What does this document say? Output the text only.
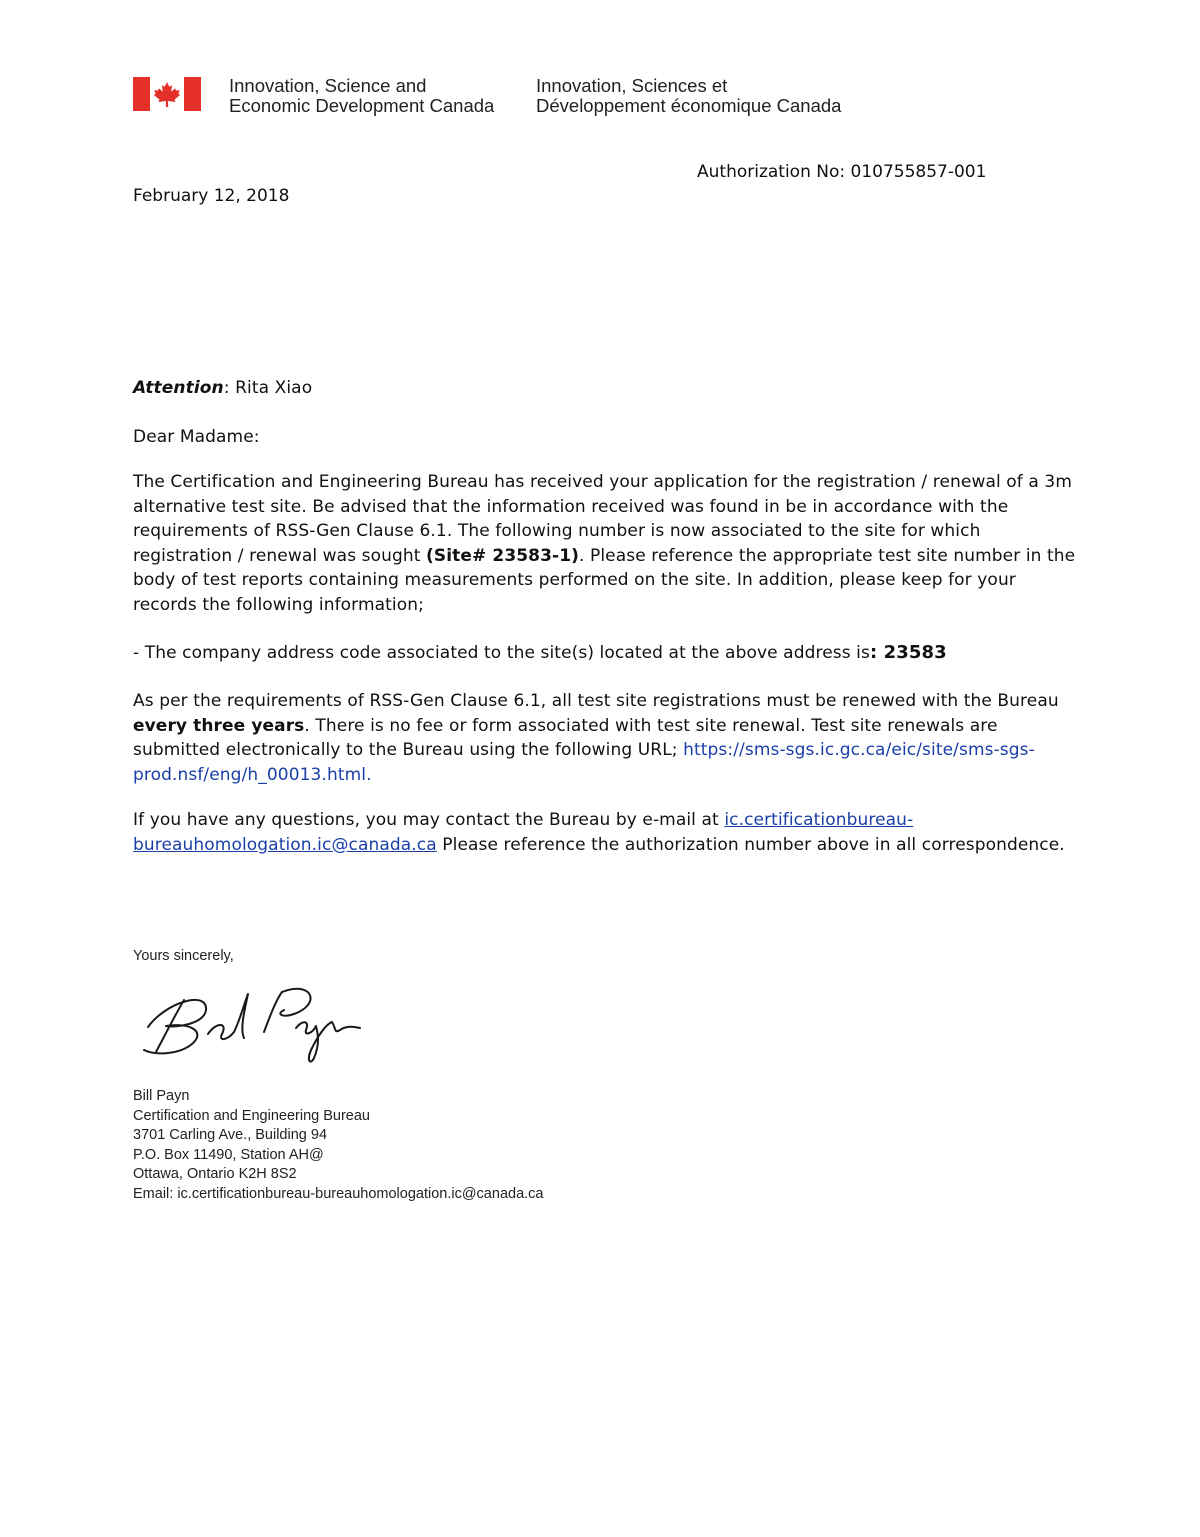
Innovation, Science and
Economic Development Canada
Innovation, Sciences et
Développement économique Canada
Authorization No: 010755857-001
February 12, 2018
Attention: Rita Xiao
Dear Madame:
The Certification and Engineering Bureau has received your application for the registration / renewal of a 3m alternative test site. Be advised that the information received was found in be in accordance with the requirements of RSS-Gen Clause 6.1. The following number is now associated to the site for which registration / renewal was sought (Site# 23583-1). Please reference the appropriate test site number in the body of test reports containing measurements performed on the site. In addition, please keep for your records the following information;
- The company address code associated to the site(s) located at the above address is: 23583
As per the requirements of RSS-Gen Clause 6.1, all test site registrations must be renewed with the Bureau every three years. There is no fee or form associated with test site renewal. Test site renewals are submitted electronically to the Bureau using the following URL; https://sms-sgs.ic.gc.ca/eic/site/sms-sgs-prod.nsf/eng/h_00013.html.
If you have any questions, you may contact the Bureau by e-mail at ic.certificationbureau-bureauhomologation.ic@canada.ca Please reference the authorization number above in all correspondence.
Yours sincerely,
Bill Payn
Certification and Engineering Bureau
3701 Carling Ave., Building 94
P.O. Box 11490, Station AH@
Ottawa, Ontario K2H 8S2
Email: ic.certificationbureau-bureauhomologation.ic@canada.ca
